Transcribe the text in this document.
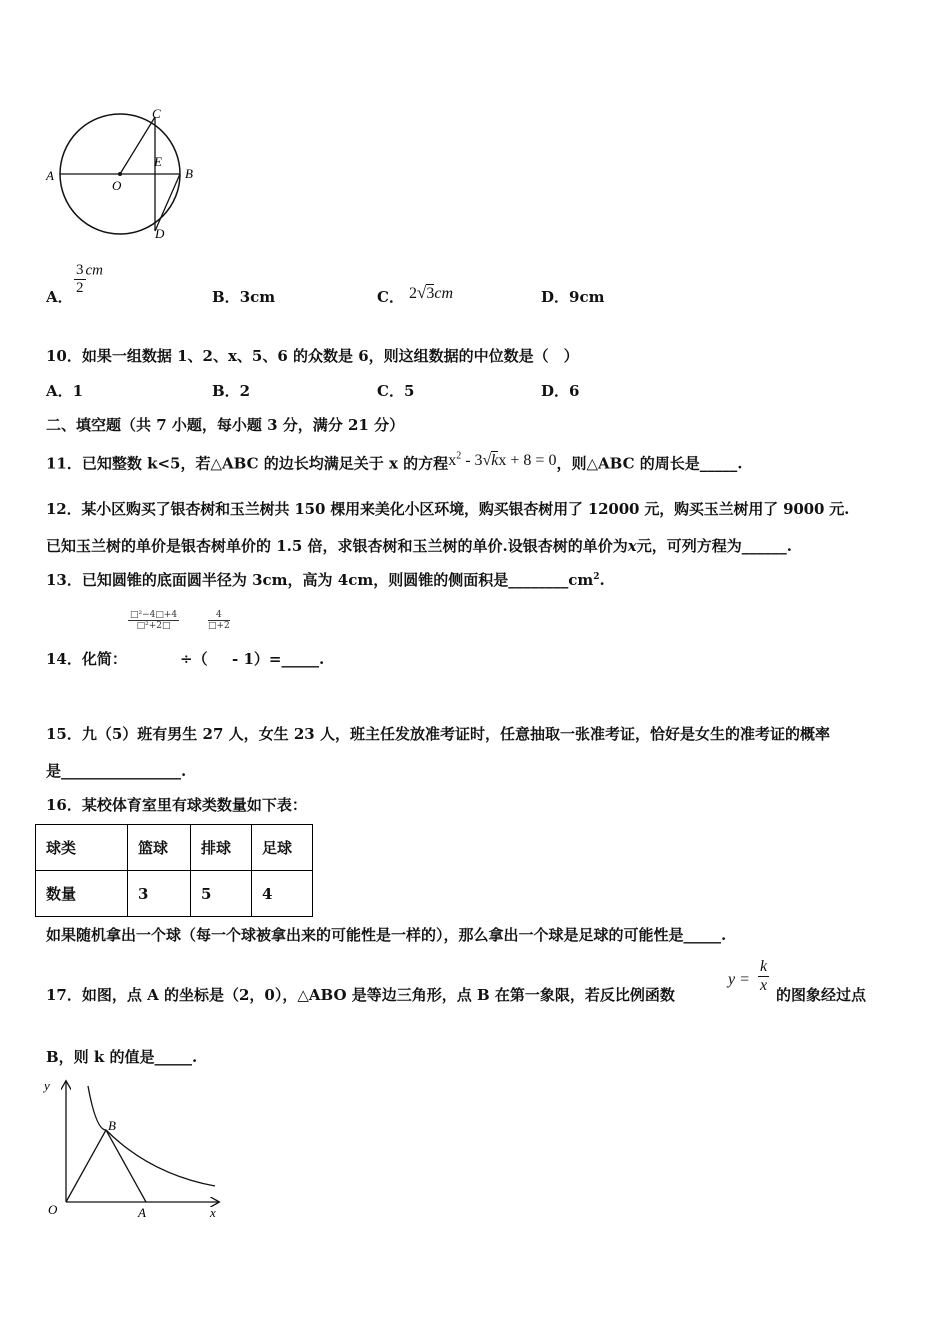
A
O
C
E
B
D
A．
$\frac{3}{2}$ cm
B．3cm	C． 2√3cm	D．9cm
10．如果一组数据 1、2、x、5、6 的众数是 6，则这组数据的中位数是（　）
A．1	B．2	C．5	D．6
二、填空题（共 7 小题，每小题 3 分，满分 21 分）
11．已知整数 k<5，若△ABC 的边长均满足关于 x 的方程$x^2 - 3√kx + 8 = 0$，则△ABC 的周长是_____.
12．某小区购买了银杏树和玉兰树共 150 棵用来美化小区环境，购买银杏树用了 12000 元，购买玉兰树用了 9000 元.
已知玉兰树的单价是银杏树单价的 1.5 倍，求银杏树和玉兰树的单价.设银杏树的单价为x元，可列方程为______.
13．已知圆锥的底面圆半径为 3cm，高为 4cm，则圆锥的侧面积是$\_\_\_\_\_\_\_\_cm^2$.
$\frac{\text{□²−4□+4}}{\text{□²+2□}}$	$\frac{4}{□+2}$
14．化简：	÷（ - 1）=_____.
15．九（5）班有男生 27 人，女生 23 人，班主任发放准考证时，任意抽取一张准考证，恰好是女生的准考证的概率
是________________.
16．某校体育室里有球类数量如下表：
球类	篮球	排球	足球
数量	3	5	4
如果随机拿出一个球（每一个球被拿出来的可能性是一样的），那么拿出一个球是足球的可能性是_____.
17．如图，点 A 的坐标是（2，0），△ABO 是等边三角形，点 B 在第一象限，若反比例函数
$y = \frac{k}{x}$ 的图象经过点
B，则 k 的值是_____.
y
x
O	A
B
